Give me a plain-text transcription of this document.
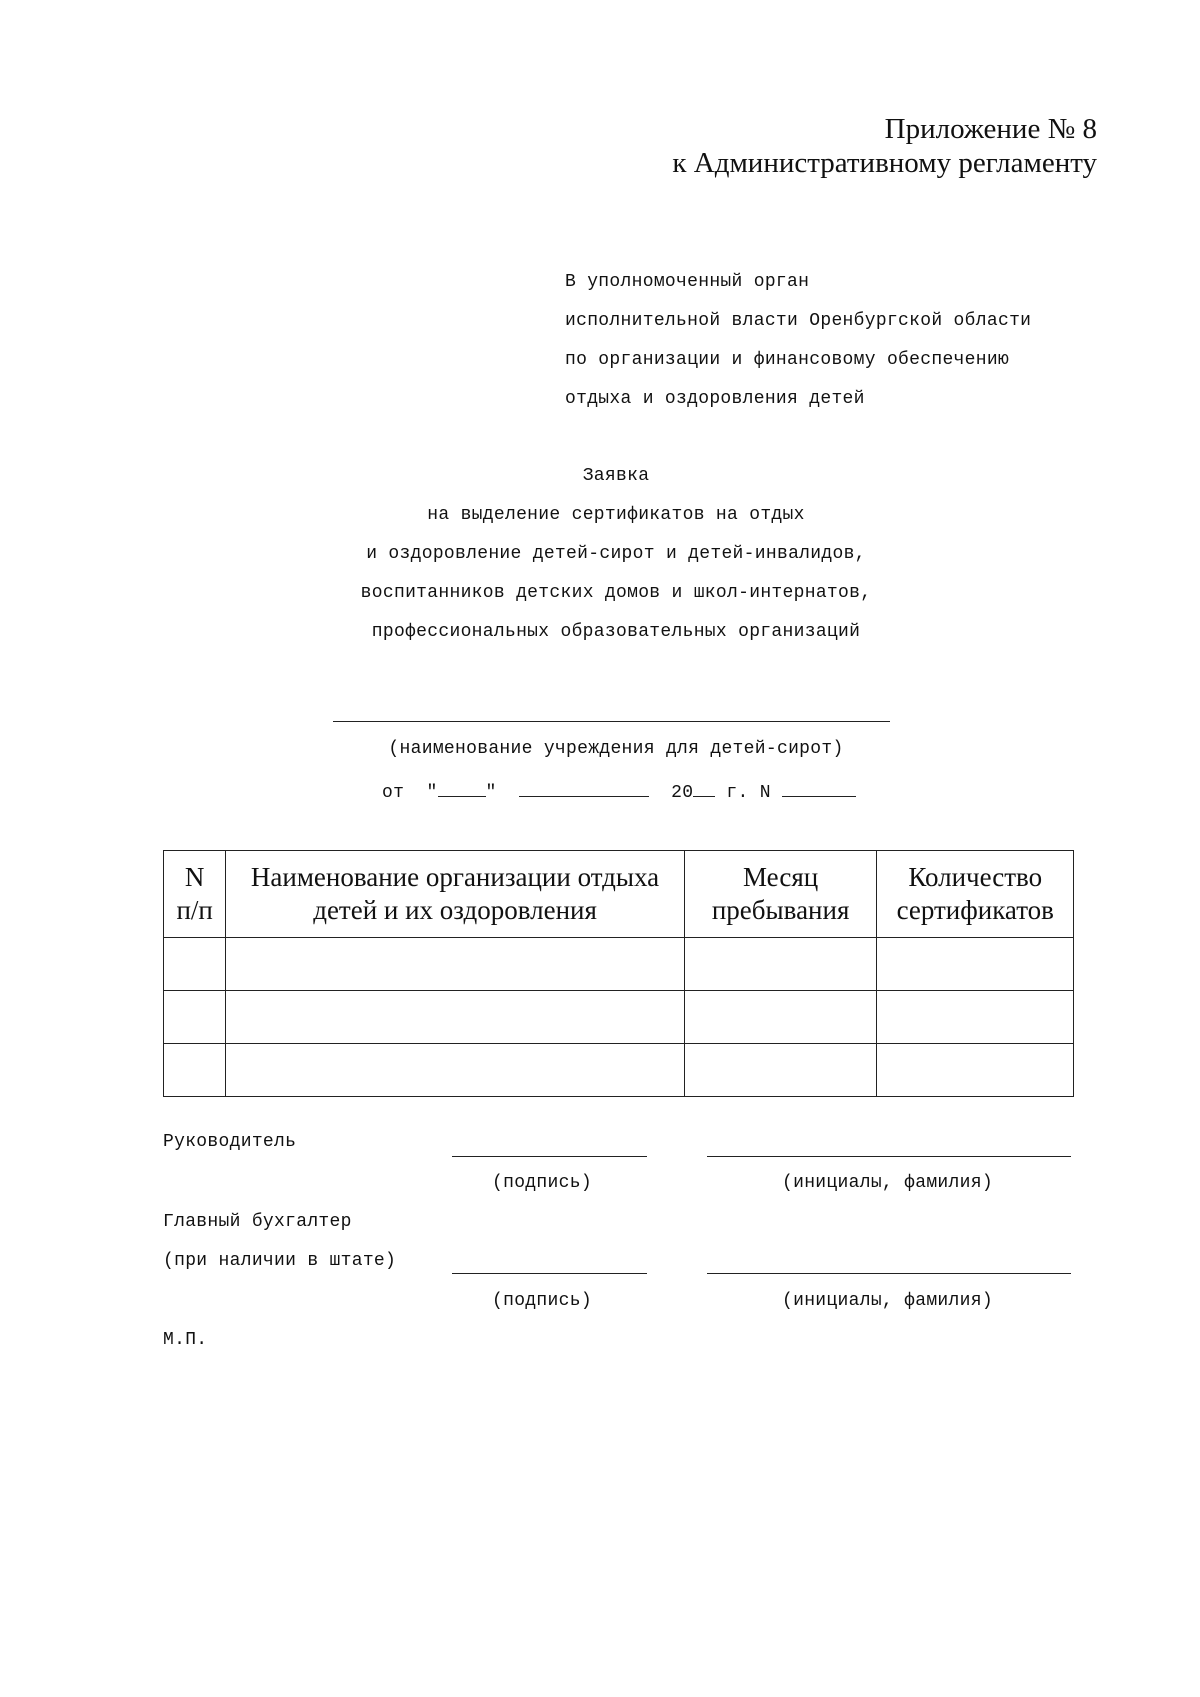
Приложение № 8
к Административному регламенту
В уполномоченный орган
исполнительной власти Оренбургской области
по организации и финансовому обеспечению
отдыха и оздоровления детей
Заявка
на выделение сертификатов на отдых
и оздоровление детей-сирот и детей-инвалидов,
воспитанников детских домов и школ-интернатов,
профессиональных образовательных организаций
(наименование учреждения для детей-сирот)
от "	"	20 г. N
N п/п	Наименование организации отдыха детей и их оздоровления	Месяц пребывания	Количество сертификатов

Руководитель
(подпись)	(инициалы, фамилия)
Главный бухгалтер
(при наличии в штате)
(подпись)	(инициалы, фамилия)
М.П.
